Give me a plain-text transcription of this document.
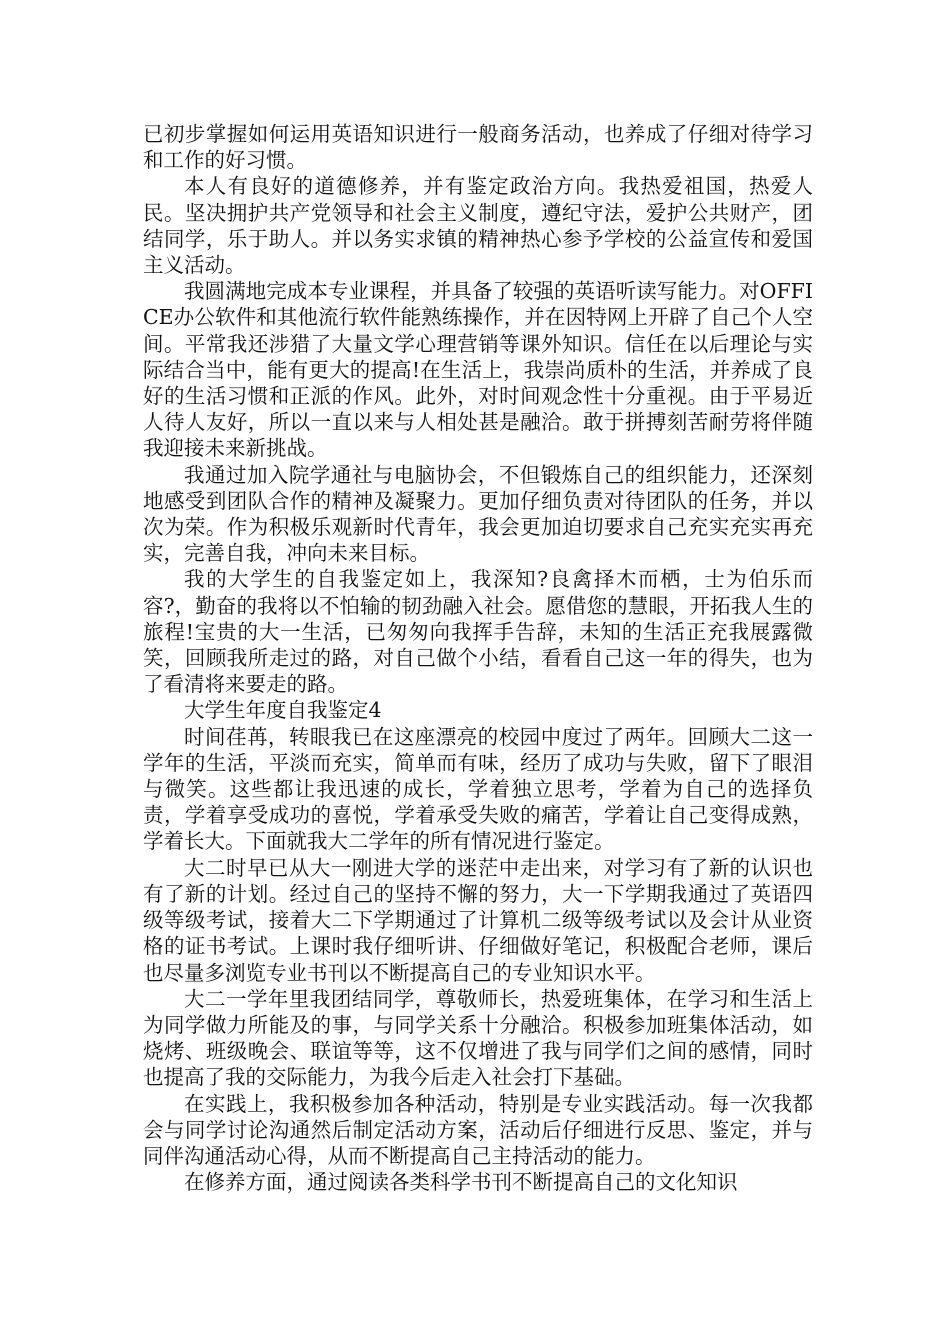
已初步掌握如何运用英语知识进行一般商务活动，也养成了仔细对待学习和工作的好习惯。

本人有良好的道德修养，并有鉴定政治方向。我热爱祖国，热爱人民。坚决拥护共产党领导和社会主义制度，遵纪守法，爱护公共财产，团结同学，乐于助人。并以务实求镇的精神热心参予学校的公益宣传和爱国主义活动。

我圆满地完成本专业课程，并具备了较强的英语听读写能力。对OFFICE办公软件和其他流行软件能熟练操作，并在因特网上开辟了自己个人空间。平常我还涉猎了大量文学心理营销等课外知识。信任在以后理论与实际结合当中，能有更大的提高!在生活上，我崇尚质朴的生活，并养成了良好的生活习惯和正派的作风。此外，对时间观念性十分重视。由于平易近人待人友好，所以一直以来与人相处甚是融洽。敢于拼搏刻苦耐劳将伴随我迎接未来新挑战。

我通过加入院学通社与电脑协会，不但锻炼自己的组织能力，还深刻地感受到团队合作的精神及凝聚力。更加仔细负责对待团队的任务，并以次为荣。作为积极乐观新时代青年，我会更加迫切要求自己充实充实再充实，完善自我，冲向未来目标。

我的大学生的自我鉴定如上，我深知?良禽择木而栖，士为伯乐而容?，勤奋的我将以不怕输的韧劲融入社会。愿借您的慧眼，开拓我人生的旅程!宝贵的大一生活，已匆匆向我挥手告辞，未知的生活正充我展露微笑，回顾我所走过的路，对自己做个小结，看看自己这一年的得失，也为了看清将来要走的路。

大学生年度自我鉴定4

时间荏苒，转眼我已在这座漂亮的校园中度过了两年。回顾大二这一学年的生活，平淡而充实，简单而有味，经历了成功与失败，留下了眼泪与微笑。这些都让我迅速的成长，学着独立思考，学着为自己的选择负责，学着享受成功的喜悦，学着承受失败的痛苦，学着让自己变得成熟，学着长大。下面就我大二学年的所有情况进行鉴定。

大二时早已从大一刚进大学的迷茫中走出来，对学习有了新的认识也有了新的计划。经过自己的坚持不懈的努力，大一下学期我通过了英语四级等级考试，接着大二下学期通过了计算机二级等级考试以及会计从业资格的证书考试。上课时我仔细听讲、仔细做好笔记，积极配合老师，课后也尽量多浏览专业书刊以不断提高自己的专业知识水平。

大二一学年里我团结同学，尊敬师长，热爱班集体，在学习和生活上为同学做力所能及的事，与同学关系十分融洽。积极参加班集体活动，如烧烤、班级晚会、联谊等等，这不仅增进了我与同学们之间的感情，同时也提高了我的交际能力，为我今后走入社会打下基础。

在实践上，我积极参加各种活动，特别是专业实践活动。每一次我都会与同学讨论沟通然后制定活动方案，活动后仔细进行反思、鉴定，并与同伴沟通活动心得，从而不断提高自己主持活动的能力。

在修养方面，通过阅读各类科学书刊不断提高自己的文化知识
